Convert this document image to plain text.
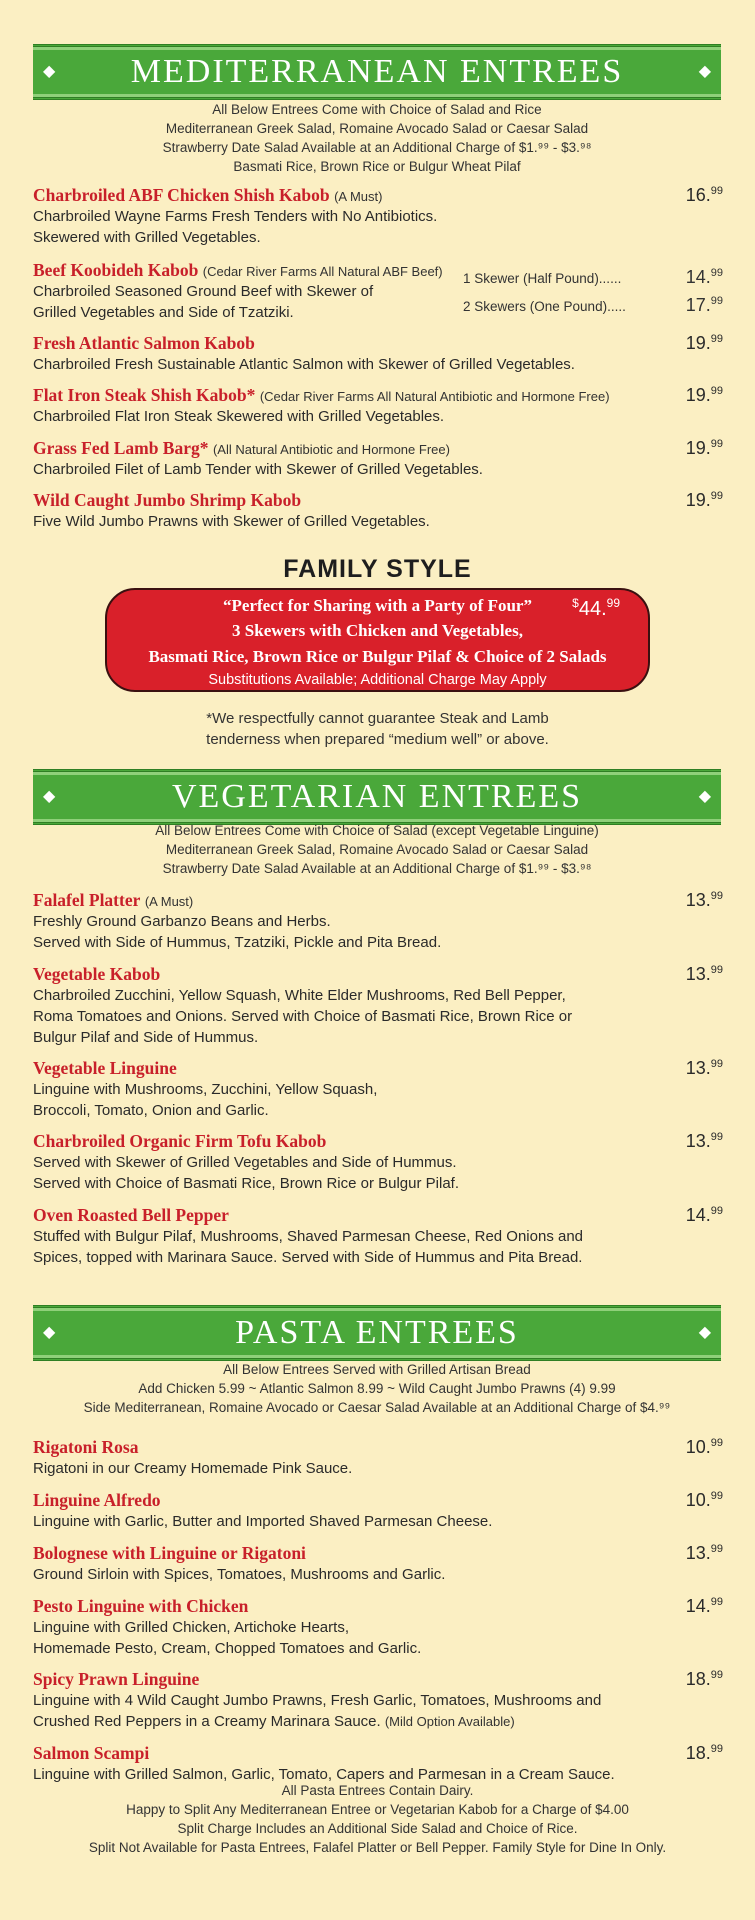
◆ MEDITERRANEAN ENTREES	◆
All Below Entrees Come with Choice of Salad and Rice
Mediterranean Greek Salad, Romaine Avocado Salad or Caesar Salad
Strawberry Date Salad Available at an Additional Charge of $1.⁹⁹ - $3.⁹⁸
Basmati Rice, Brown Rice or Bulgur Wheat Pilaf
Charbroiled ABF Chicken Shish Kabob (A Must)
Charbroiled Wayne Farms Fresh Tenders with No Antibiotics.
Skewered with Grilled Vegetables.
16.99
Beef Koobideh Kabob (Cedar River Farms All Natural ABF Beef)
Charbroiled Seasoned Ground Beef with Skewer of
Grilled Vegetables and Side of Tzatziki.
1 Skewer (Half Pound)......	14.99
2 Skewers (One Pound).....	17.99
Fresh Atlantic Salmon Kabob
Charbroiled Fresh Sustainable Atlantic Salmon with Skewer of Grilled Vegetables.
19.99
Flat Iron Steak Shish Kabob* (Cedar River Farms All Natural Antibiotic and Hormone Free)
Charbroiled Flat Iron Steak Skewered with Grilled Vegetables.
19.99
Grass Fed Lamb Barg* (All Natural Antibiotic and Hormone Free)
Charbroiled Filet of Lamb Tender with Skewer of Grilled Vegetables.
19.99
Wild Caught Jumbo Shrimp Kabob
Five Wild Jumbo Prawns with Skewer of Grilled Vegetables.
19.99
FAMILY STYLE
“Perfect for Sharing with a Party of Four”
3 Skewers with Chicken and Vegetables,
Basmati Rice, Brown Rice or Bulgur Pilaf & Choice of 2 Salads
Substitutions Available; Additional Charge May Apply
$44.99
*We respectfully cannot guarantee Steak and Lamb
tenderness when prepared “medium well” or above.
◆	VEGETARIAN ENTREES	◆
All Below Entrees Come with Choice of Salad (except Vegetable Linguine)
Mediterranean Greek Salad, Romaine Avocado Salad or Caesar Salad
Strawberry Date Salad Available at an Additional Charge of $1.⁹⁹ - $3.⁹⁸
Falafel Platter (A Must)
Freshly Ground Garbanzo Beans and Herbs.
Served with Side of Hummus, Tzatziki, Pickle and Pita Bread.
13.99
Vegetable Kabob
Charbroiled Zucchini, Yellow Squash, White Elder Mushrooms, Red Bell Pepper,
Roma Tomatoes and Onions. Served with Choice of Basmati Rice, Brown Rice or
Bulgur Pilaf and Side of Hummus.
13.99
Vegetable Linguine
Linguine with Mushrooms, Zucchini, Yellow Squash,
Broccoli, Tomato, Onion and Garlic.
13.99
Charbroiled Organic Firm Tofu Kabob
Served with Skewer of Grilled Vegetables and Side of Hummus.
Served with Choice of Basmati Rice, Brown Rice or Bulgur Pilaf.
13.99
Oven Roasted Bell Pepper
Stuffed with Bulgur Pilaf, Mushrooms, Shaved Parmesan Cheese, Red Onions and
Spices, topped with Marinara Sauce. Served with Side of Hummus and Pita Bread.
14.99
◆	PASTA ENTREES	◆
All Below Entrees Served with Grilled Artisan Bread
Add Chicken 5.99 ~ Atlantic Salmon 8.99 ~ Wild Caught Jumbo Prawns (4) 9.99
Side Mediterranean, Romaine Avocado or Caesar Salad Available at an Additional Charge of $4.⁹⁹
Rigatoni Rosa
Rigatoni in our Creamy Homemade Pink Sauce.
10.99
Linguine Alfredo
Linguine with Garlic, Butter and Imported Shaved Parmesan Cheese.
10.99
Bolognese with Linguine or Rigatoni
Ground Sirloin with Spices, Tomatoes, Mushrooms and Garlic.
13.99
Pesto Linguine with Chicken
Linguine with Grilled Chicken, Artichoke Hearts,
Homemade Pesto, Cream, Chopped Tomatoes and Garlic.
14.99
Spicy Prawn Linguine
Linguine with 4 Wild Caught Jumbo Prawns, Fresh Garlic, Tomatoes, Mushrooms and
Crushed Red Peppers in a Creamy Marinara Sauce. (Mild Option Available)
18.99
Salmon Scampi
Linguine with Grilled Salmon, Garlic, Tomato, Capers and Parmesan in a Cream Sauce.
18.99
All Pasta Entrees Contain Dairy.
Happy to Split Any Mediterranean Entree or Vegetarian Kabob for a Charge of $4.00
Split Charge Includes an Additional Side Salad and Choice of Rice.
Split Not Available for Pasta Entrees, Falafel Platter or Bell Pepper. Family Style for Dine In Only.
